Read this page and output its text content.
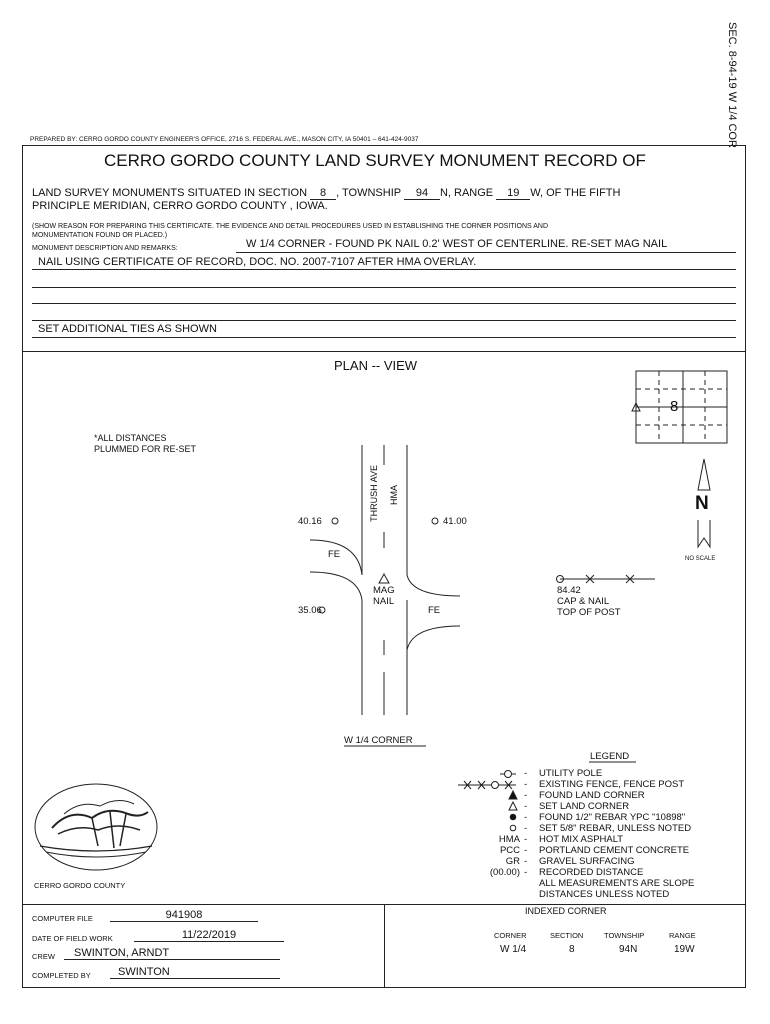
SEC. 8-94-19 W 1/4 COR
PREPARED BY: CERRO GORDO COUNTY ENGINEER'S OFFICE, 2716 S. FEDERAL AVE., MASON CITY, IA 50401 – 641-424-9037
CERRO GORDO COUNTY LAND SURVEY MONUMENT RECORD OF
LAND SURVEY MONUMENTS SITUATED IN SECTION 8 , TOWNSHIP 94 N, RANGE 19 W, OF THE FIFTH
PRINCIPLE MERIDIAN, CERRO GORDO COUNTY , IOWA.
(SHOW REASON FOR PREPARING THIS CERTIFICATE. THE EVIDENCE AND DETAIL PROCEDURES USED IN ESTABLISHING THE CORNER POSITIONS AND
MONUMENTATION FOUND OR PLACED.)
MONUMENT DESCRIPTION AND REMARKS:	W 1/4 CORNER - FOUND PK NAIL 0.2' WEST OF CENTERLINE. RE-SET MAG NAIL
NAIL USING CERTIFICATE OF RECORD, DOC. NO. 2007-7107 AFTER HMA OVERLAY.
SET ADDITIONAL TIES AS SHOWN
PLAN -- VIEW
8
*ALL DISTANCES
PLUMMED FOR RE-SET
THRUSH AVE HMA
40.16	41.00
FE
MAG
NAIL
35.06	FE
84.42
CAP & NAIL
TOP OF POST
N
NO SCALE
W 1/4 CORNER
LEGEND
- UTILITY POLE
- EXISTING FENCE, FENCE POST
- FOUND LAND CORNER
- SET LAND CORNER
- FOUND 1/2" REBAR YPC "10898"
- SET 5/8" REBAR, UNLESS NOTED
HMA - HOT MIX ASPHALT
PCC - PORTLAND CEMENT CONCRETE
GR - GRAVEL SURFACING
(00.00) - RECORDED DISTANCE
ALL MEASUREMENTS ARE SLOPE
DISTANCES UNLESS NOTED
CERRO GORDO COUNTY
COMPUTER FILE	941908
DATE OF FIELD WORK	11/22/2019
CREW	SWINTON, ARNDT
COMPLETED BY	SWINTON
INDEXED CORNER
CORNER	SECTION	TOWNSHIP	RANGE
W 1/4	8	94N	19W
